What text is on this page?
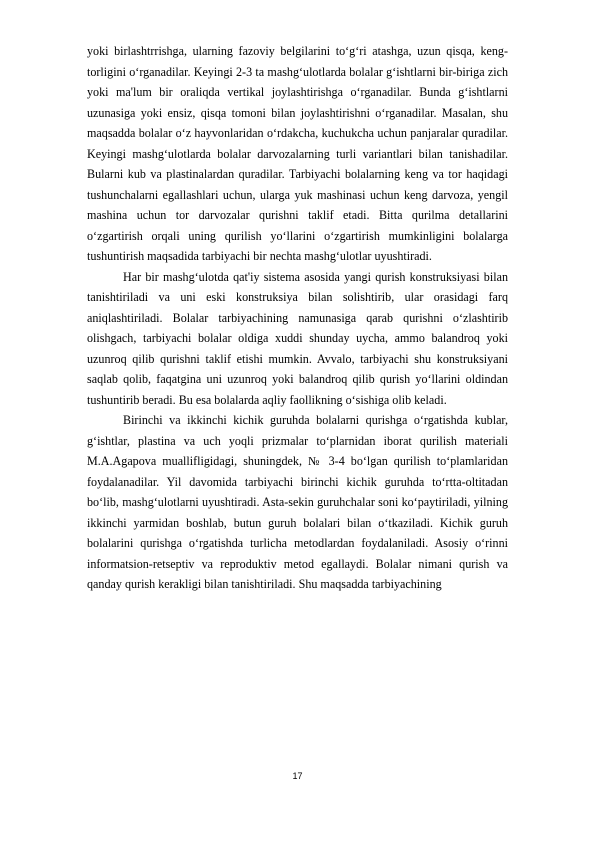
yoki birlashtrrishga, ularning fazoviy belgilarini to‘g‘ri atashga, uzun qisqa, keng-torligini o‘rganadilar. Keyingi 2-3 ta mashg‘ulotlarda bolalar g‘ishtlarni bir-biriga zich yoki ma'lum bir oraliqda vertikal joylashtirishga o‘rganadilar. Bunda g‘ishtlarni uzunasiga yoki ensiz, qisqa tomoni bilan joylashtirishni o‘rganadilar. Masalan, shu maqsadda bolalar o‘z hayvonlaridan o‘rdakcha, kuchukcha uchun panjaralar quradilar. Keyingi mashg‘ulotlarda bolalar darvozalarning turli variantlari bilan tanishadilar. Bularni kub va plastinalardan quradilar. Tarbiyachi bolalarning keng va tor haqidagi tushunchalarni egallashlari uchun, ularga yuk mashinasi uchun keng darvoza, yengil mashina uchun tor darvozalar qurishni taklif etadi. Bitta qurilma detallarini o‘zgartirish orqali uning qurilish yo‘llarini o‘zgartirish mumkinligini bolalarga tushuntirish maqsadida tarbiyachi bir nechta mashg‘ulotlar uyushtiradi.

Har bir mashg‘ulotda qat'iy sistema asosida yangi qurish konstruksiyasi bilan tanishtiriladi va uni eski konstruksiya bilan solishtirib, ular orasidagi farq aniqlashtiriladi. Bolalar tarbiyachining namunasiga qarab qurishni o‘zlashtirib olishgach, tarbiyachi bolalar oldiga xuddi shunday uycha, ammo balandroq yoki uzunroq qilib qurishni taklif etishi mumkin. Avvalo, tarbiyachi shu konstruksiyani saqlab qolib, faqatgina uni uzunroq yoki balandroq qilib qurish yo‘llarini oldindan tushuntirib beradi. Bu esa bolalarda aqliy faollikning o‘sishiga olib keladi.

Birinchi va ikkinchi kichik guruhda bolalarni qurishga o‘rgatishda kublar, g‘ishtlar, plastina va uch yoqli prizmalar to‘plarnidan iborat qurilish materiali M.A.Agapova muallifligidagi, shuningdek, № 3-4 bo‘lgan qurilish to‘plamlaridan foydalanadilar. Yil davomida tarbiyachi birinchi kichik guruhda to‘rtta-oltitadan bo‘lib, mashg‘ulotlarni uyushtiradi. Asta-sekin guruhchalar soni ko‘paytiriladi, yilning ikkinchi yarmidan boshlab, butun guruh bolalari bilan o‘tkaziladi. Kichik guruh bolalarini qurishga o‘rgatishda turlicha metodlardan foydalaniladi. Asosiy o‘rinni informatsion-retseptiv va reproduktiv metod egallaydi. Bolalar nimani qurish va qanday qurish kerakligi bilan tanishtiriladi. Shu maqsadda tarbiyachining

17
